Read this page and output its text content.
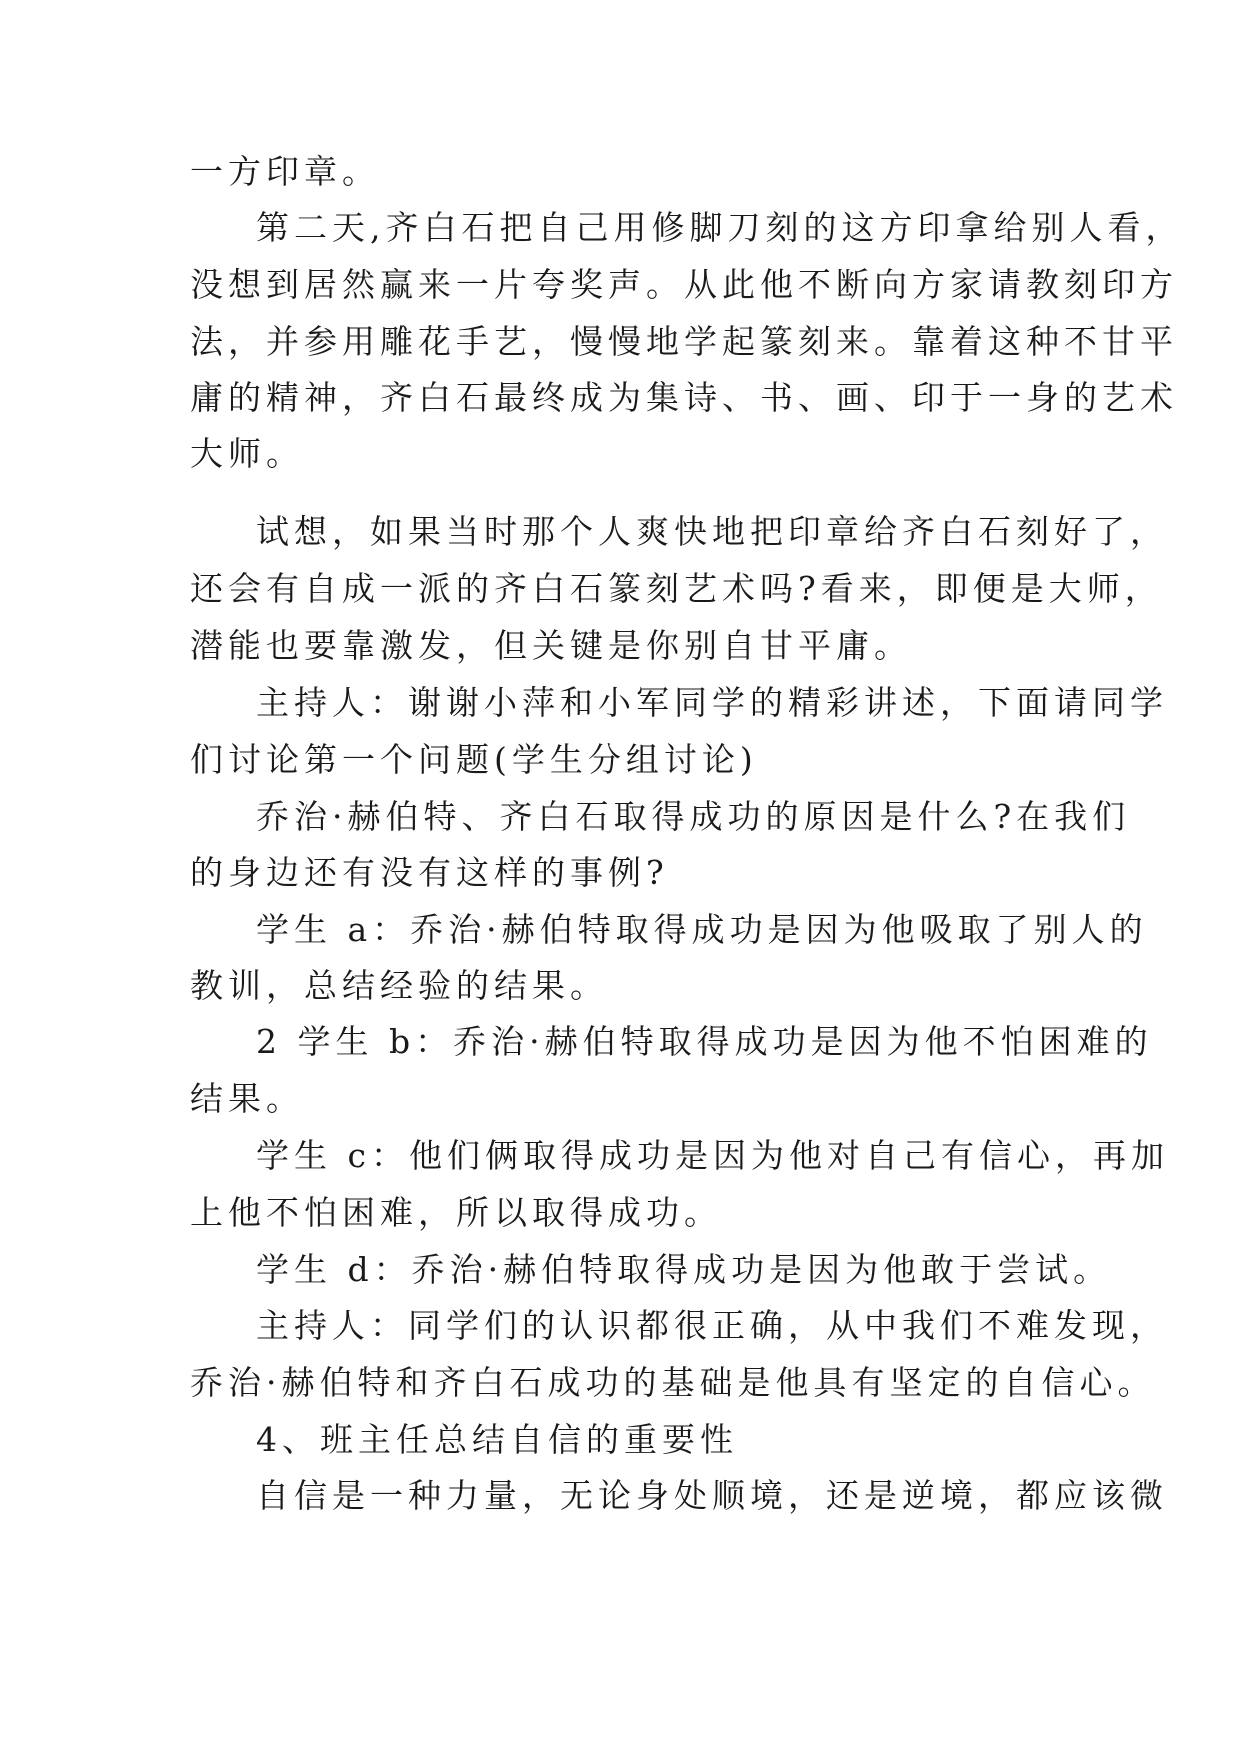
一方印章。

第二天,齐白石把自己用修脚刀刻的这方印拿给别人看，

没想到居然赢来一片夸奖声。从此他不断向方家请教刻印方

法，并参用雕花手艺，慢慢地学起篆刻来。靠着这种不甘平

庸的精神，齐白石最终成为集诗、书、画、印于一身的艺术

大师。

试想，如果当时那个人爽快地把印章给齐白石刻好了，

还会有自成一派的齐白石篆刻艺术吗?看来，即便是大师，

潜能也要靠激发，但关键是你别自甘平庸。

主持人：谢谢小萍和小军同学的精彩讲述，下面请同学

们讨论第一个问题(学生分组讨论)

乔治·赫伯特、齐白石取得成功的原因是什么?在我们

的身边还有没有这样的事例?

学生 a：乔治·赫伯特取得成功是因为他吸取了别人的

教训，总结经验的结果。

2 学生 b：乔治·赫伯特取得成功是因为他不怕困难的

结果。

学生 c：他们俩取得成功是因为他对自己有信心，再加

上他不怕困难，所以取得成功。

学生 d：乔治·赫伯特取得成功是因为他敢于尝试。

主持人：同学们的认识都很正确，从中我们不难发现，

乔治·赫伯特和齐白石成功的基础是他具有坚定的自信心。

4、班主任总结自信的重要性

自信是一种力量，无论身处顺境，还是逆境，都应该微
